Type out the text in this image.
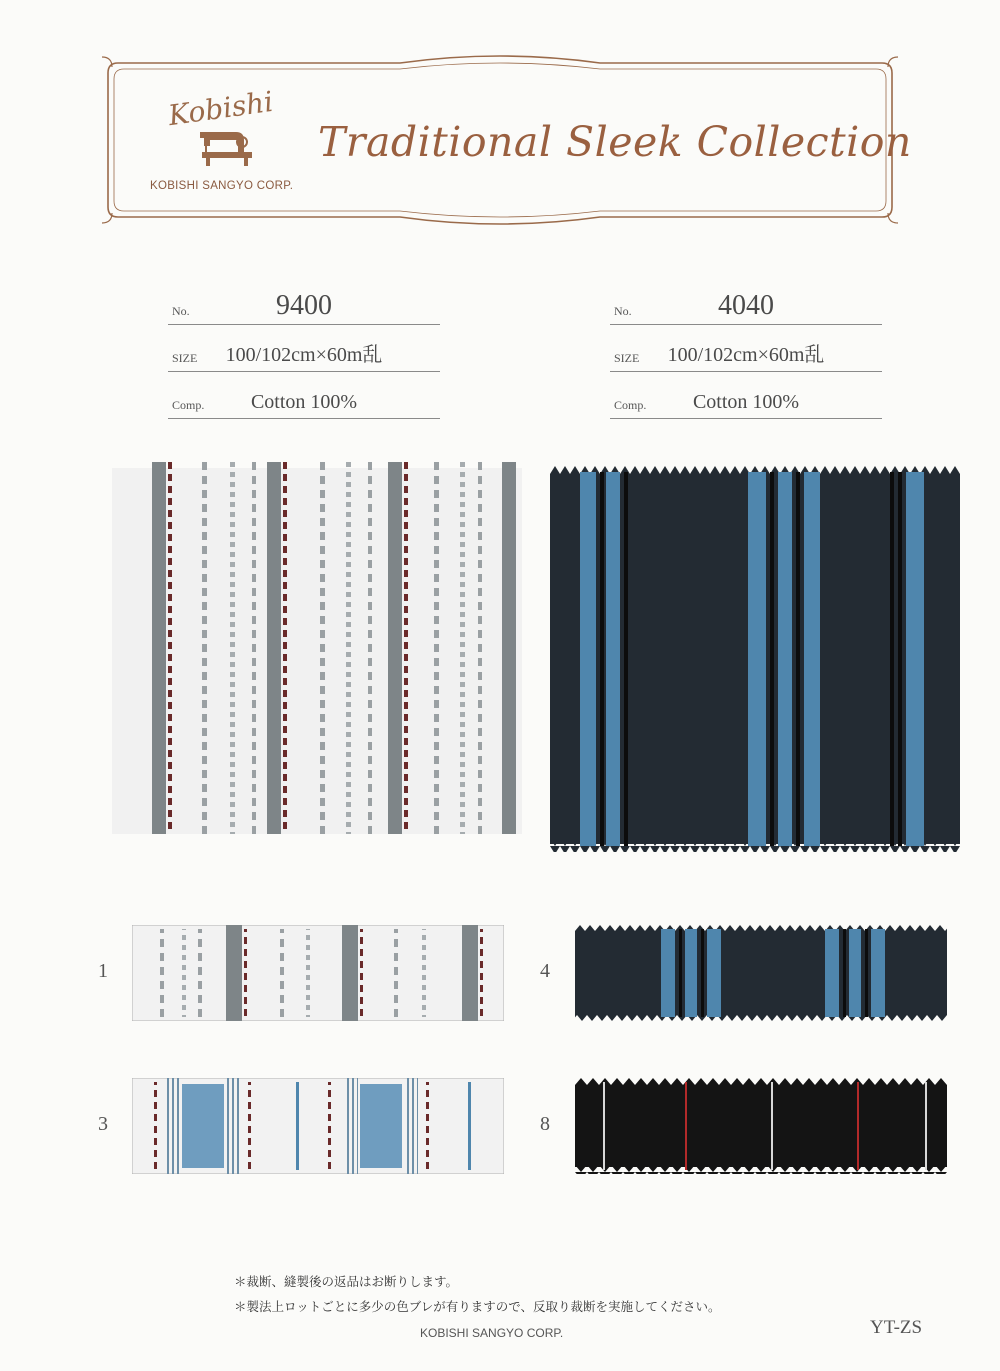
Kobishi
KOBISHI SANGYO CORP.
Traditional Sleek Collection
No.	9400
SIZE	100/102cm×60m乱
Comp.	Cotton 100%
No.	4040
SIZE	100/102cm×60m乱
Comp.	Cotton 100%
1
3
4
8
＊裁断、縫製後の返品はお断りします。
＊製法上ロットごとに多少の色ブレが有りますので、反取り裁断を実施してください。
KOBISHI SANGYO CORP.	YT-ZS
